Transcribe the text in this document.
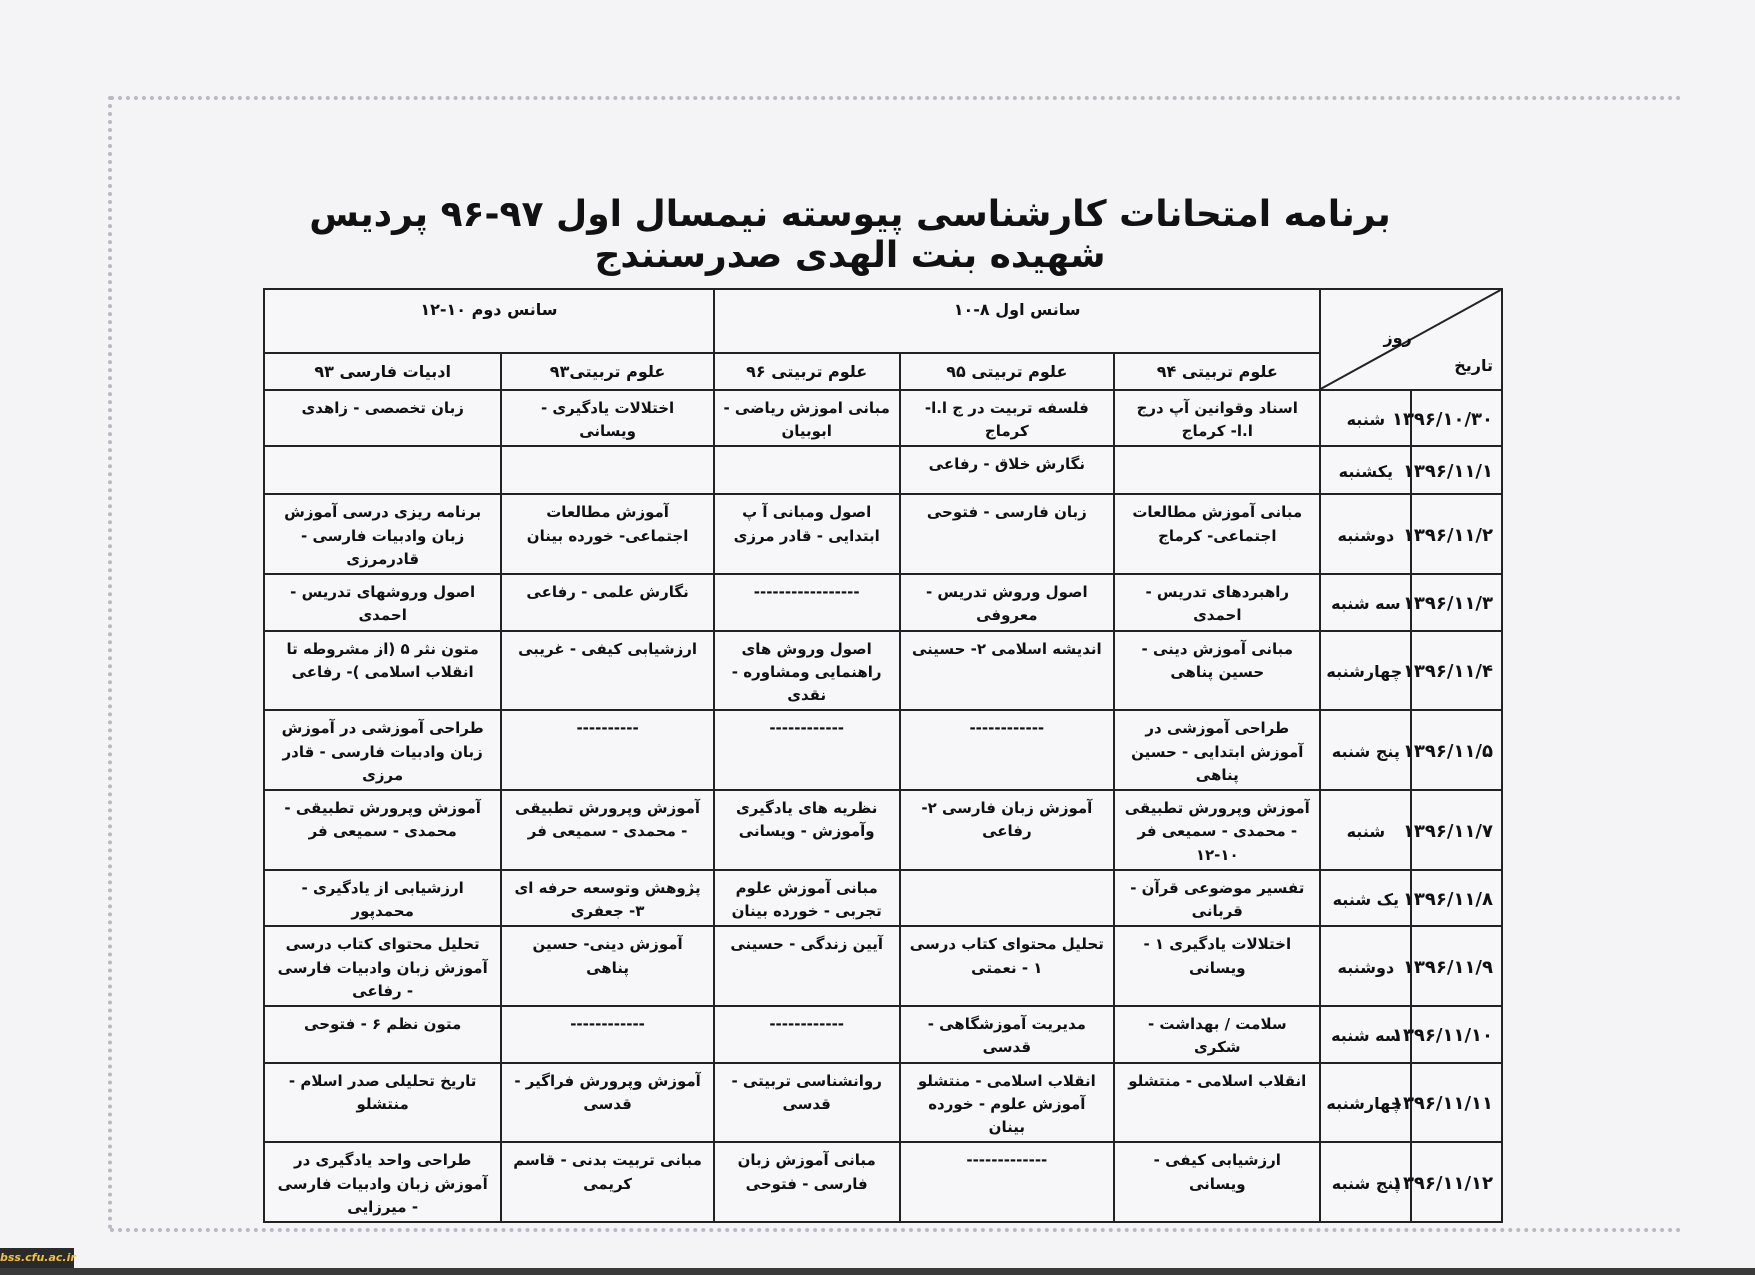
برنامه امتحانات کارشناسی پیوسته نیمسال اول ۹۷-۹۶ پردیس شهیده بنت الهدی صدرسنندج
روز
تاریخ		سانس اول ۸-۱۰			سانس دوم ۱۰-۱۲	
		علوم تربیتی ۹۴	علوم تربیتی ۹۵	علوم تربیتی ۹۶	علوم تربیتی۹۳	ادبیات فارسی ۹۳
۱۳۹۶/۱۰/۳۰	شنبه	اسناد وقوانین آپ درج ا.ا- کرماج	فلسفه تربیت در ج ا.ا- کرماج	مبانی اموزش ریاضی - ابوبیان	اختلالات یادگیری - ویسانی	زبان تخصصی - زاهدی
۱۳۹۶/۱۱/۱	یکشنبه		نگارش خلاق - رفاعی			
۱۳۹۶/۱۱/۲	دوشنبه	مبانی آموزش مطالعات اجتماعی- کرماج	زبان فارسی - فتوحی	اصول ومبانی آ پ ابتدایی - قادر مرزی	آموزش مطالعات اجتماعی- خورده بینان	برنامه ریزی درسی آموزش زبان وادبیات فارسی - قادرمرزی
۱۳۹۶/۱۱/۳	سه شنبه	راهبردهای تدریس - احمدی	اصول وروش تدریس - معروفی	-----------------	نگارش علمی - رفاعی	اصول وروشهای تدریس - احمدی
۱۳۹۶/۱۱/۴	چهارشنبه	مبانی آموزش دینی - حسین پناهی	اندیشه اسلامی ۲- حسینی	اصول وروش های راهنمایی ومشاوره - نقدی	ارزشیابی کیفی - غریبی	متون نثر ۵ (از مشروطه تا انقلاب اسلامی )- رفاعی
۱۳۹۶/۱۱/۵	پنج شنبه	طراحی آموزشی در آموزش ابتدایی - حسین پناهی	------------	------------	----------	طراحی آموزشی در آموزش زبان وادبیات فارسی - قادر مرزی
۱۳۹۶/۱۱/۷	شنبه	آموزش وپرورش تطبیقی - محمدی - سمیعی فر ۱۰-۱۲	آموزش زبان فارسی ۲- رفاعی	نظریه های یادگیری وآموزش - ویسانی	آموزش وپرورش تطبیقی - محمدی - سمیعی فر	آموزش وپرورش تطبیقی - محمدی - سمیعی فر
۱۳۹۶/۱۱/۸	یک شنبه	تفسیر موضوعی قرآن - قربانی		مبانی آموزش علوم تجربی - خورده بینان	پژوهش وتوسعه حرفه ای ۳- جعفری	ارزشیابی از یادگیری - محمدپور
۱۳۹۶/۱۱/۹	دوشنبه	اختلالات یادگیری ۱ - ویسانی	تحلیل محتوای کتاب درسی ۱ - نعمتی	آیین زندگی - حسینی	آموزش دینی- حسین پناهی	تحلیل محتوای کتاب درسی آموزش زبان وادبیات فارسی - رفاعی
۱۳۹۶/۱۱/۱۰	سه شنبه	سلامت / بهداشت - شکری	مدیریت آموزشگاهی - قدسی	------------	------------	متون نظم ۶ - فتوحی
۱۳۹۶/۱۱/۱۱	چهارشنبه	انقلاب اسلامی - منتشلو	انقلاب اسلامی - منتشلو آموزش علوم - خورده بینان	روانشناسی تربیتی - قدسی	آموزش وپرورش فراگیر - قدسی	تاریخ تحلیلی صدر اسلام - منتشلو
۱۳۹۶/۱۱/۱۲	پنج شنبه	ارزشیابی کیفی - ویسانی	-------------	مبانی آموزش زبان فارسی - فتوحی	مبانی تربیت بدنی - قاسم کریمی	طراحی واحد یادگیری در آموزش زبان وادبیات فارسی - میرزایی
bss.cfu.ac.ir
